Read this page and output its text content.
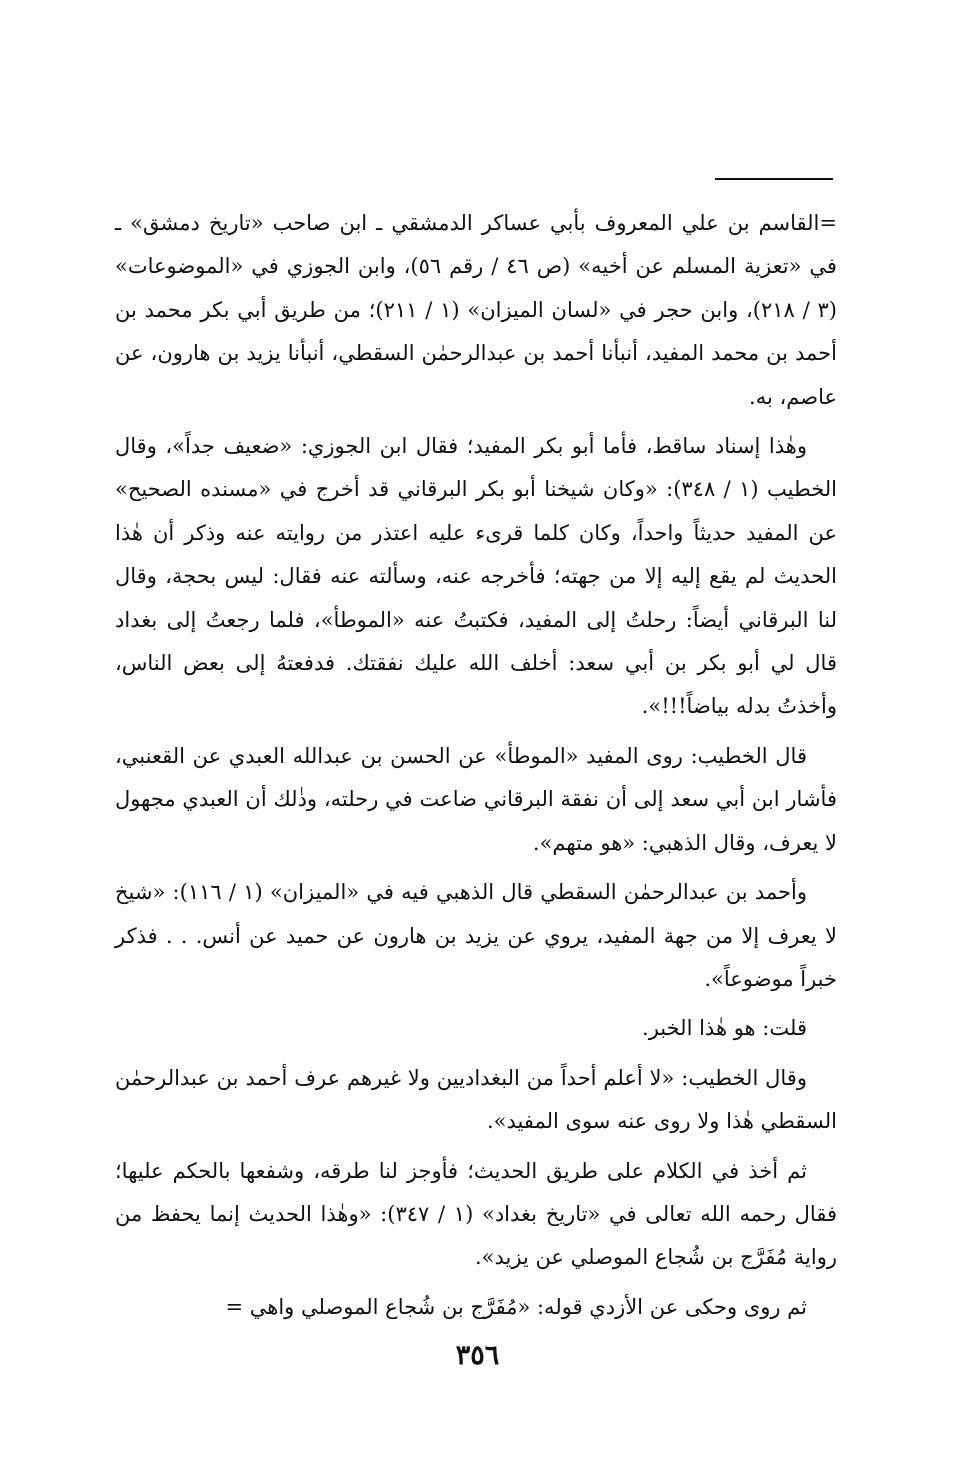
=القاسم بن علي المعروف بأبي عساكر الدمشقي ـ ابن صاحب «تاريخ دمشق» ـ في «تعزية المسلم عن أخيه» (ص ٤٦ / رقم ٥٦)، وابن الجوزي في «الموضوعات» (٣ / ٢١٨)، وابن حجر في «لسان الميزان» (١ / ٢١١)؛ من طريق أبي بكر محمد بن أحمد بن محمد المفيد، أنبأنا أحمد بن عبدالرحمٰن السقطي، أنبأنا يزيد بن هارون، عن عاصم، به.

وهٰذا إسناد ساقط، فأما أبو بكر المفيد؛ فقال ابن الجوزي: «ضعيف جداً»، وقال الخطيب (١ / ٣٤٨): «وكان شيخنا أبو بكر البرقاني قد أخرج في «مسنده الصحيح» عن المفيد حديثاً واحداً، وكان كلما قرىء عليه اعتذر من روايته عنه وذكر أن هٰذا الحديث لم يقع إليه إلا من جهته؛ فأخرجه عنه، وسألته عنه فقال: ليس بحجة، وقال لنا البرقاني أيضاً: رحلتُ إلى المفيد، فكتبتُ عنه «الموطأ»، فلما رجعتُ إلى بغداد قال لي أبو بكر بن أبي سعد: أخلف الله عليك نفقتك. فدفعتهُ إلى بعض الناس، وأخذتُ بدله بياضاً!!!».

قال الخطيب: روى المفيد «الموطأ» عن الحسن بن عبدالله العبدي عن القعنبي، فأشار ابن أبي سعد إلى أن نفقة البرقاني ضاعت في رحلته، وذٰلك أن العبدي مجهول لا يعرف، وقال الذهبي: «هو متهم».

وأحمد بن عبدالرحمٰن السقطي قال الذهبي فيه في «الميزان» (١ / ١١٦): «شيخ لا يعرف إلا من جهة المفيد، يروي عن يزيد بن هارون عن حميد عن أنس. . . فذكر خبراً موضوعاً».

قلت: هو هٰذا الخبر.

وقال الخطيب: «لا أعلم أحداً من البغداديين ولا غيرهم عرف أحمد بن عبدالرحمٰن السقطي هٰذا ولا روى عنه سوى المفيد».

ثم أخذ في الكلام على طريق الحديث؛ فأوجز لنا طرقه، وشفعها بالحكم عليها؛ فقال رحمه الله تعالى في «تاريخ بغداد» (١ / ٣٤٧): «وهٰذا الحديث إنما يحفظ من رواية مُفَرَّج بن شُجاع الموصلي عن يزيد».

ثم روى وحكى عن الأزدي قوله: «مُفَرَّج بن شُجاع الموصلي واهي =

٣٥٦
